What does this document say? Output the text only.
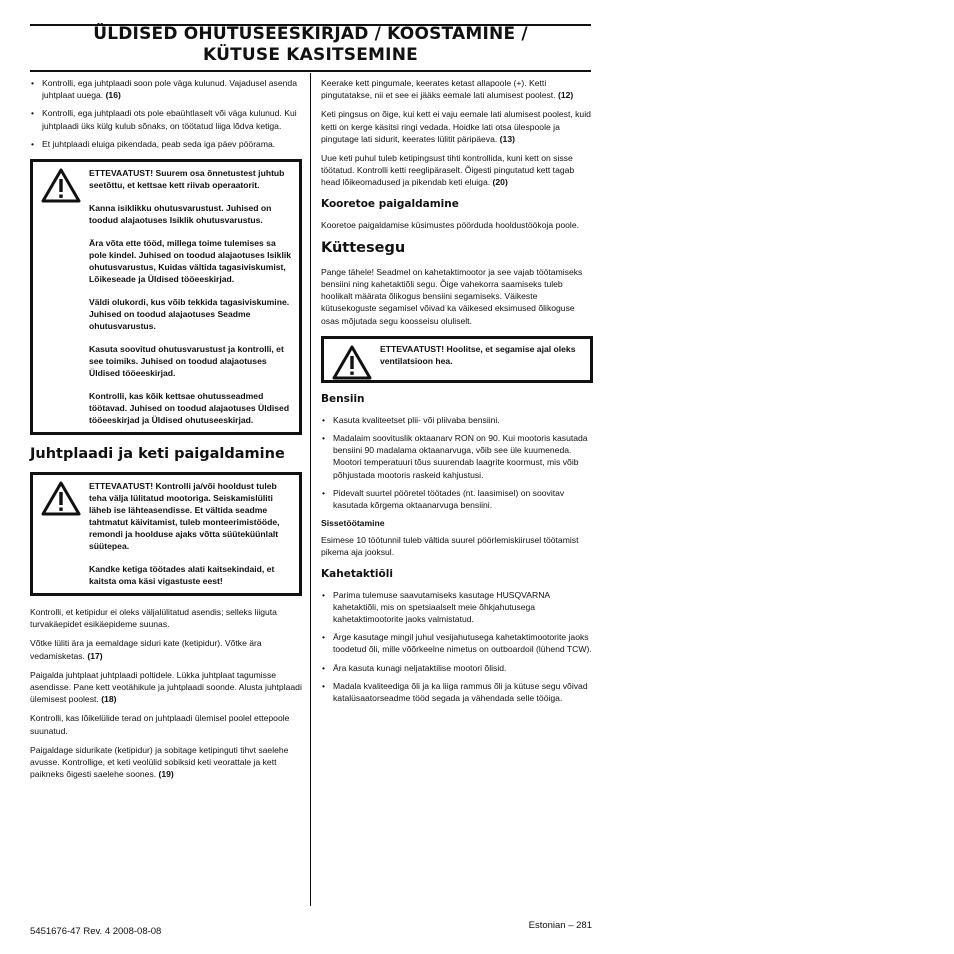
ÜLDISED OHUTUSEESKIRJAD / KOOSTAMINE /
KÜTUSE KASITSEMINE
• Kontrolli, ega juhtplaadi soon pole väga kulunud. Vajadusel asenda juhtplaat uuega. (16)
• Kontrolli, ega juhtplaadi ots pole ebaühtlaselt või väga kulunud. Kui juhtplaadi üks külg kulub sõnaks, on töötatud liiga lõdva ketiga.
• Et juhtplaadi eluiga pikendada, peab seda iga päev pöörama.

ETTEVAATUST! Suurem osa õnnetustest juhtub seetõttu, et kettsae kett riivab operaatorit.

Kanna isiklikku ohutusvarustust. Juhised on toodud alajaotuses Isiklik ohutusvarustus.

Ära võta ette tööd, millega toime tulemises sa pole kindel. Juhised on toodud alajaotuses Isiklik ohutusvarustus, Kuidas vältida tagasiviskumist, Lõikeseade ja Üldised tööeeskirjad.

Väldi olukordi, kus võib tekkida tagasiviskumine. Juhised on toodud alajaotuses Seadme ohutusvarustus.

Kasuta soovitud ohutusvarustust ja kontrolli, et see toimiks. Juhised on toodud alajaotuses Üldised tööeeskirjad.

Kontrolli, kas kõik kettsae ohutusseadmed töötavad. Juhised on toodud alajaotuses Üldised tööeeskirjad ja Üldised ohutuseeskirjad.

Juhtplaadi ja keti paigaldamine

ETTEVAATUST! Kontrolli ja/või hooldust tuleb teha välja lülitatud mootoriga. Seiskamislüliti läheb ise lähteasendisse. Et vältida seadme tahtmatut käivitamist, tuleb monteerimistööde, remondi ja hoolduse ajaks võtta süüteküünlalt süütepea.

Kandke ketiga töötades alati kaitsekindaid, et kaitsta oma käsi vigastuste eest!

Kontrolli, et ketipidur ei oleks väljalülitatud asendis; selleks liiguta turvakäepidet esikäepideme suunas.

Võtke lüliti ära ja eemaldage siduri kate (ketipidur). Võtke ära vedamisketas. (17)

Paigalda juhtplaat juhtplaadi poltidele. Lükka juhtplaat tagumisse asendisse. Pane kett veotähikule ja juhtplaadi soonde. Alusta juhtplaadi ülemisest poolest. (18)

Kontrolli, kas lõikelülide terad on juhtplaadi ülemisel poolel ettepoole suunatud.

Paigaldage sidurikate (ketipidur) ja sobitage ketipinguti tihvt saelehe avusse. Kontrollige, et keti veolülid sobiksid keti veorattale ja kett paikneks õigesti saelehe soones. (19)

Keerake kett pingumale, keerates ketast allapoole (+). Ketti pingutatakse, nii et see ei jääks eemale lati alumisest poolest. (12)

Keti pingsus on õige, kui kett ei vaju eemale lati alumisest poolest, kuid ketti on kerge käsitsi ringi vedada. Hoidke lati otsa ülespoole ja pingutage lati sidurit, keerates lülitit päripäeva. (13)

Uue keti puhul tuleb ketipingsust tihti kontrollida, kuni kett on sisse töötatud. Kontrolli ketti reeglipäraselt. Õigesti pingutatud kett tagab head lõikeomadused ja pikendab keti eluiga. (20)

Kooretoe paigaldamine

Kooretoe paigaldamise küsimustes pöörduda hooldustöökoja poole.

Küttesegu

Pange tähele! Seadmel on kahetaktimootor ja see vajab töötamiseks bensiini ning kahetaktiõli segu. Õige vahekorra saamiseks tuleb hoolikalt määrata õlikogus bensiini segamiseks. Väikeste kütusekoguste segamisel võivad ka väikesed eksimused õlikoguse osas mõjutada segu koosseisu oluliselt.

ETTEVAATUST! Hoolitse, et segamise ajal oleks ventilatsioon hea.

Bensiin
• Kasuta kvaliteetset plii- või pliivaba bensiini.
• Madalaim soovituslik oktaanarv RON on 90. Kui mootoris kasutada bensiini 90 madalama oktaanarvuga, võib see üle kuumeneda. Mootori temperatuuri tõus suurendab laagrite koormust, mis võib põhjustada mootoris raskeid kahjustusi.
• Pidevalt suurtel pööretel töötades (nt. laasimisel) on soovitav kasutada kõrgema oktaanarvuga bensiini.
Sissetöötamine

Esimese 10 töötunnil tuleb vältida suurel pöörlemiskiirusel töötamist pikema aja jooksul.

Kahetaktiõli
• Parima tulemuse saavutamiseks kasutage HUSQVARNA kahetaktiõli, mis on spetsiaalselt meie õhkjahutusega kahetaktimootorite jaoks valmistatud.
• Ärge kasutage mingil juhul vesijahutusega kahetaktimootorite jaoks toodetud õli, mille võõrkeelne nimetus on outboardoil (lühend TCW).
• Ära kasuta kunagi neljataktilise mootori õlisid.
• Madala kvaliteediga õli ja ka liiga rammus õli ja kütuse segu võivad katalüsaatorseadme tööd segada ja vähendada selle tööiga.
5451676-47 Rev. 4 2008-08-08
Estonian – 281
